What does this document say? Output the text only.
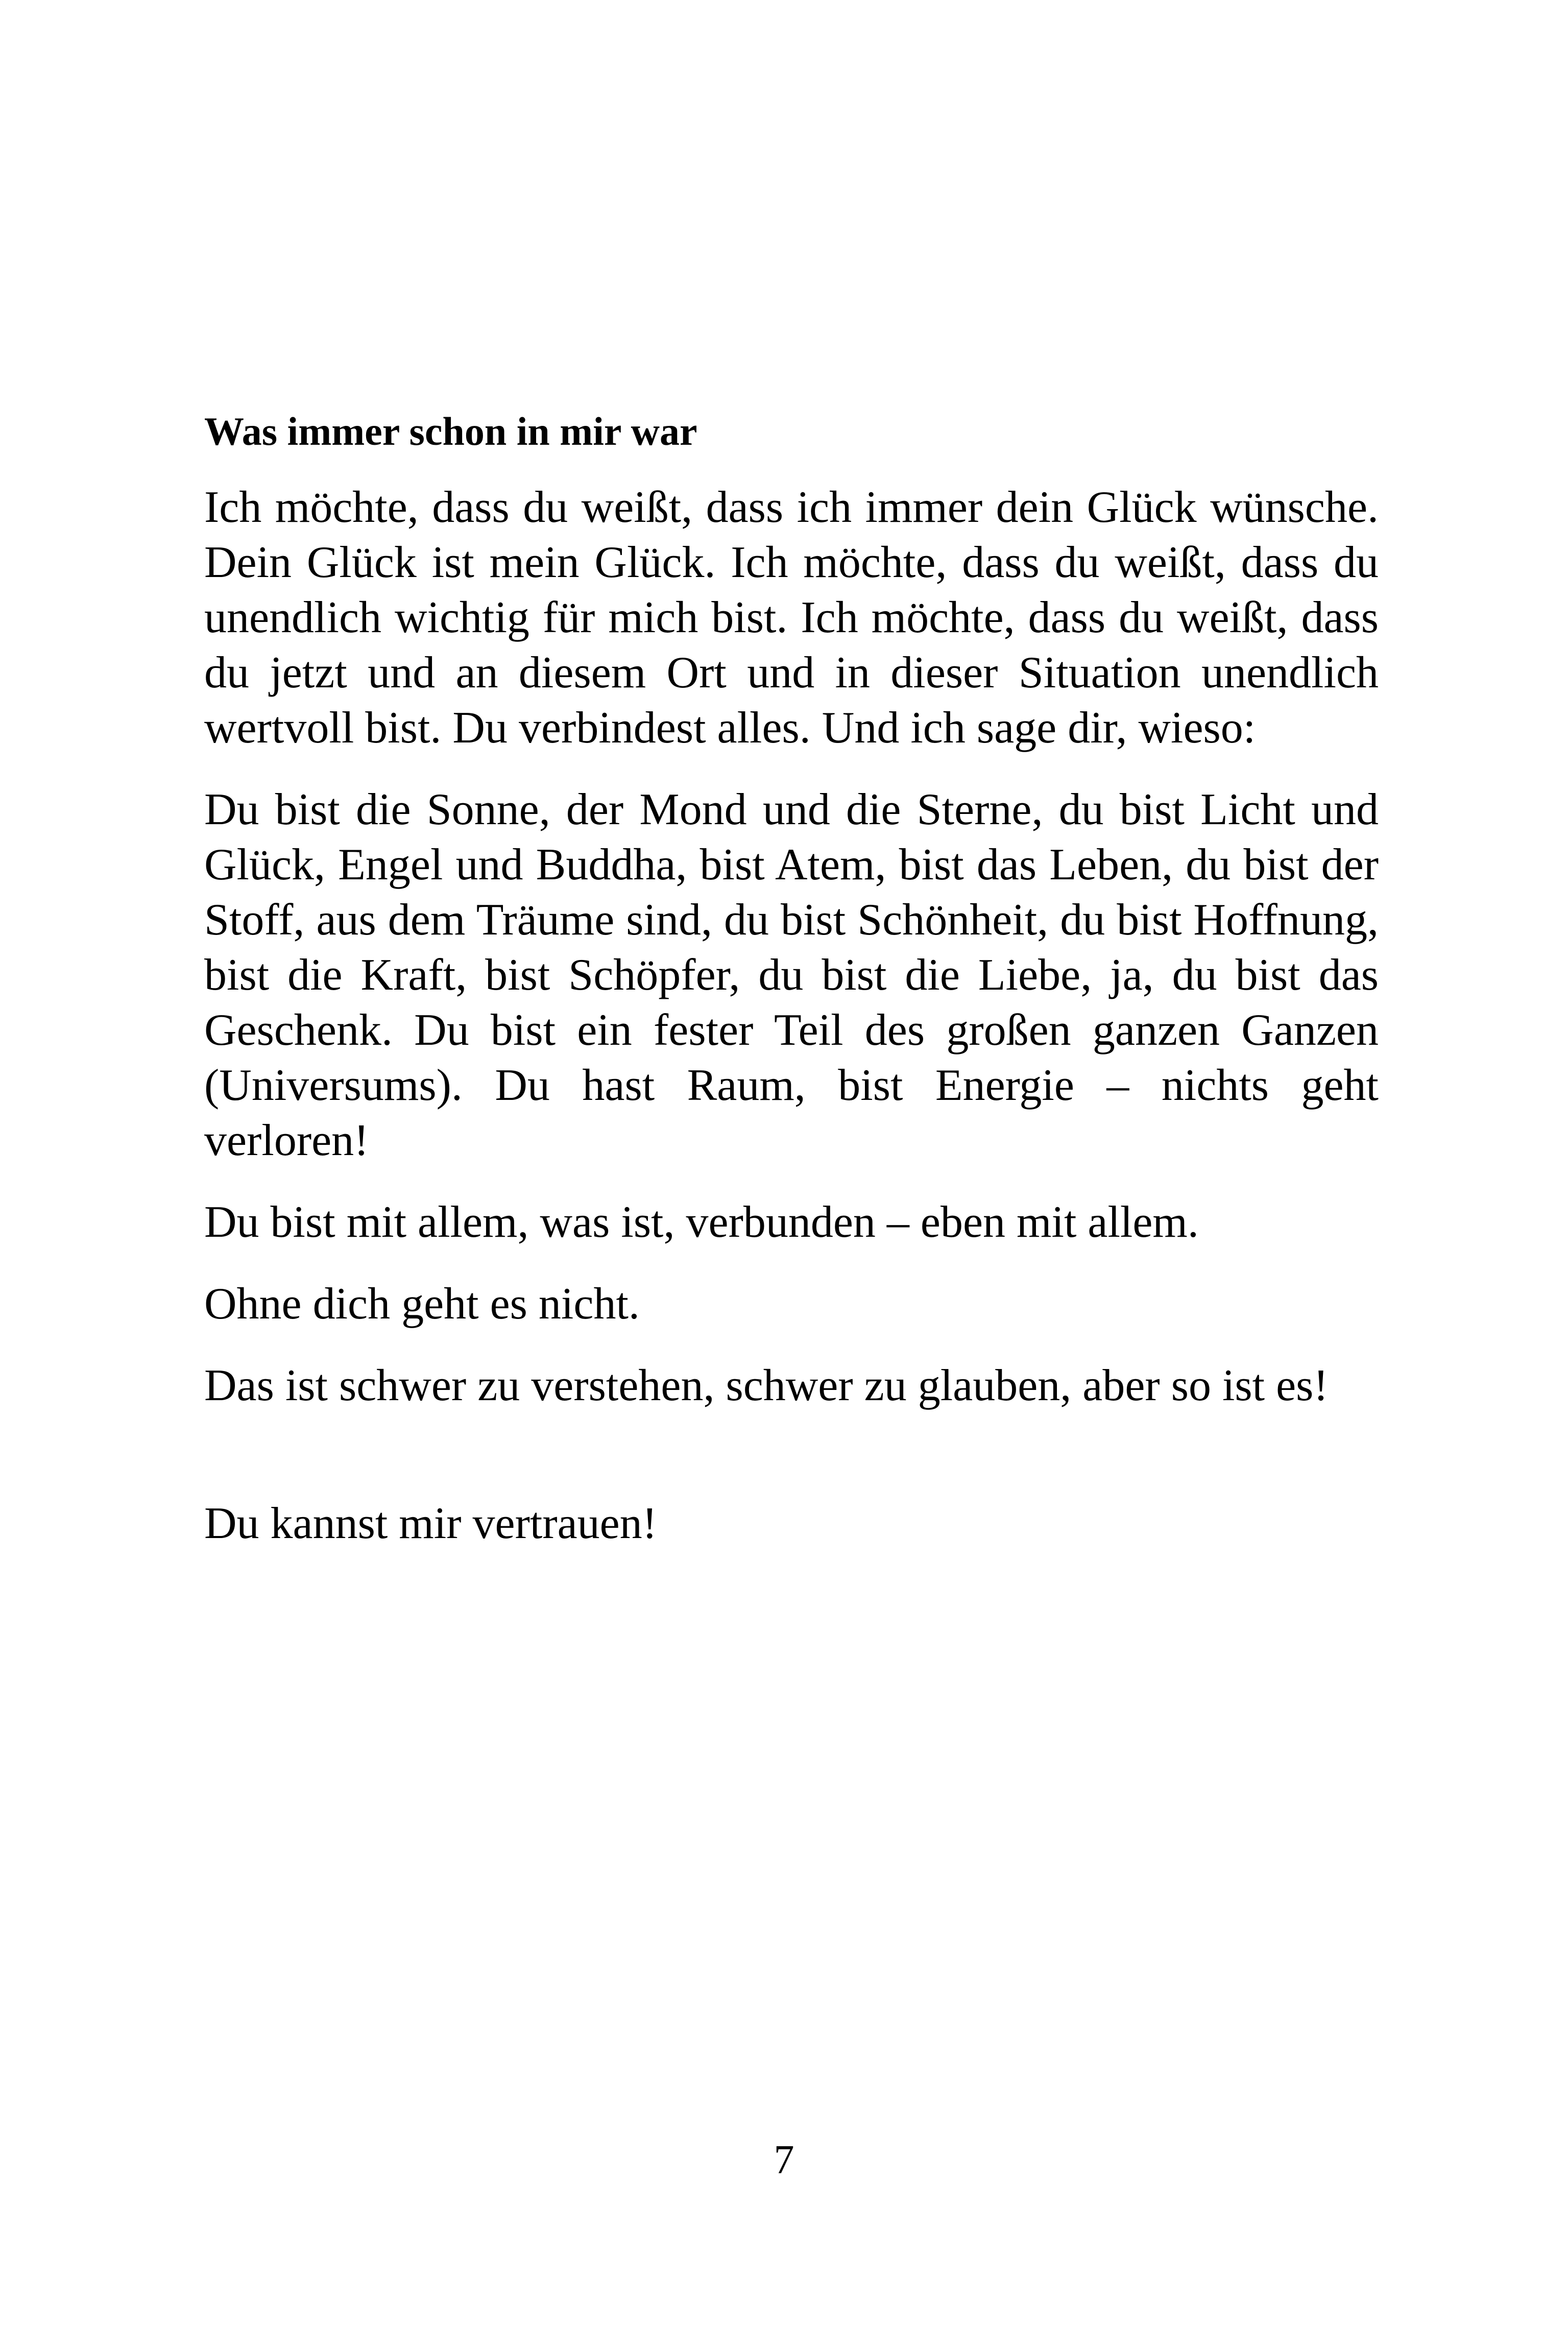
Was immer schon in mir war

Ich möchte, dass du weißt, dass ich immer dein Glück wünsche. Dein Glück ist mein Glück. Ich möchte, dass du weißt, dass du unendlich wichtig für mich bist. Ich möchte, dass du weißt, dass du jetzt und an diesem Ort und in dieser Situation unendlich wertvoll bist. Du verbindest alles. Und ich sage dir, wieso:

Du bist die Sonne, der Mond und die Sterne, du bist Licht und Glück, Engel und Buddha, bist Atem, bist das Leben, du bist der Stoff, aus dem Träume sind, du bist Schönheit, du bist Hoffnung, bist die Kraft, bist Schöpfer, du bist die Liebe, ja, du bist das Geschenk. Du bist ein fester Teil des großen ganzen Ganzen (Universums). Du hast Raum, bist Energie – nichts geht verloren!

Du bist mit allem, was ist, verbunden – eben mit allem.

Ohne dich geht es nicht.

Das ist schwer zu verstehen, schwer zu glauben, aber so ist es!

Du kannst mir vertrauen!

7
